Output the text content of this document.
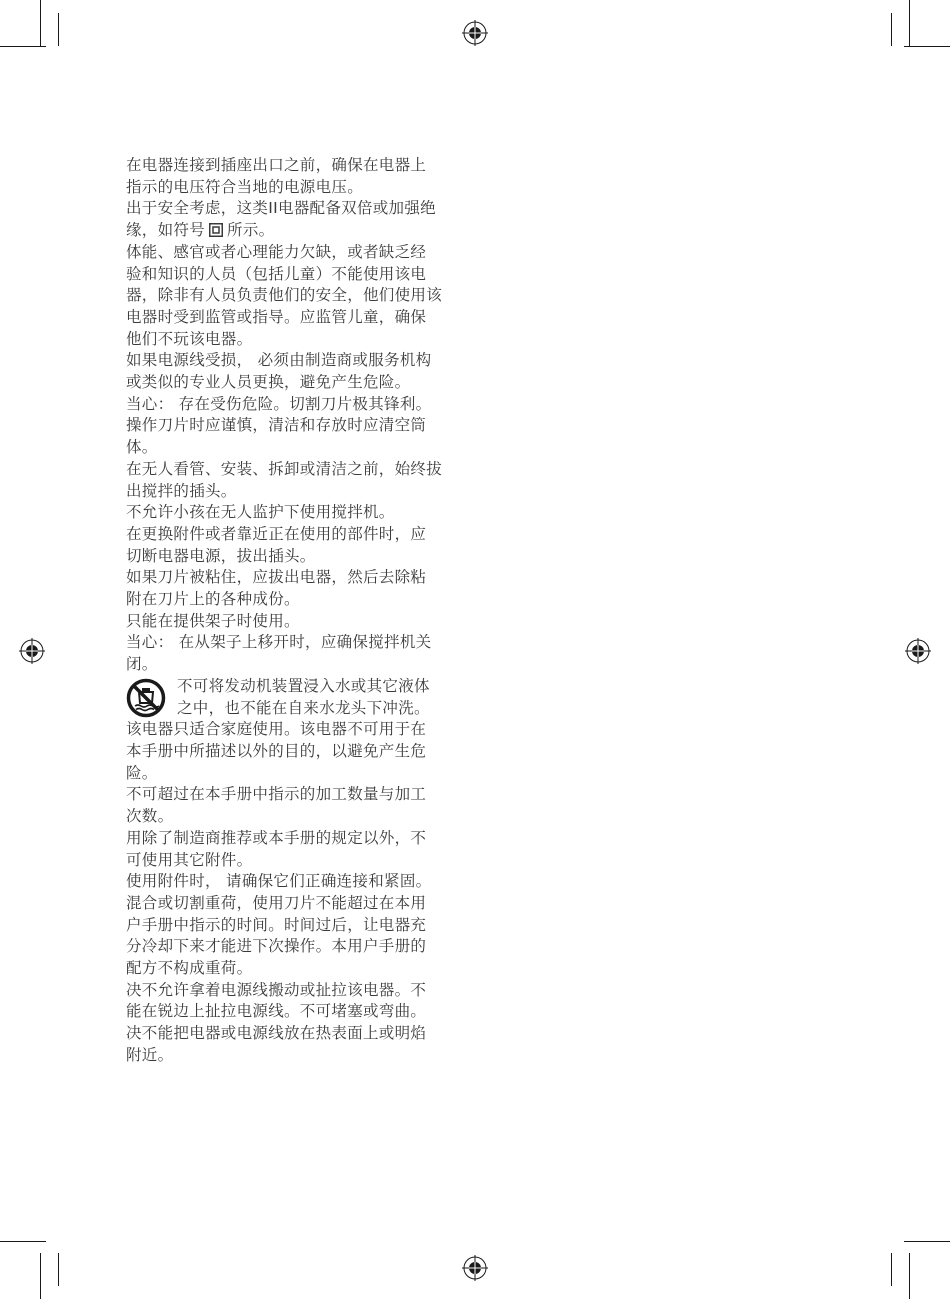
在电器连接到插座出口之前，确保在电器上
指示的电压符合当地的电源电压。
出于安全考虑，这类II电器配备双倍或加强绝
缘，如符号 所示。
体能、感官或者心理能力欠缺，或者缺乏经
验和知识的人员（包括儿童）不能使用该电
器，除非有人员负责他们的安全，他们使用该
电器时受到监管或指导。应监管儿童，确保
他们不玩该电器。
如果电源线受损， 必须由制造商或服务机构
或类似的专业人员更换，避免产生危险。
当心： 存在受伤危险。切割刀片极其锋利。
操作刀片时应谨慎，清洁和存放时应清空筒
体。
在无人看管、安装、拆卸或清洁之前，始终拔
出搅拌的插头。
不允许小孩在无人监护下使用搅拌机。
在更换附件或者靠近正在使用的部件时，应
切断电器电源，拔出插头。
如果刀片被粘住，应拔出电器，然后去除粘
附在刀片上的各种成份。
只能在提供架子时使用。
当心： 在从架子上移开时，应确保搅拌机关
闭。
不可将发动机装置浸入水或其它液体
之中，也不能在自来水龙头下冲洗。
该电器只适合家庭使用。该电器不可用于在
本手册中所描述以外的目的，以避免产生危
险。
不可超过在本手册中指示的加工数量与加工
次数。
用除了制造商推荐或本手册的规定以外，不
可使用其它附件。
使用附件时， 请确保它们正确连接和紧固。
混合或切割重荷，使用刀片不能超过在本用
户手册中指示的时间。时间过后，让电器充
分冷却下来才能进下次操作。本用户手册的
配方不构成重荷。
决不允许拿着电源线搬动或扯拉该电器。不
能在锐边上扯拉电源线。不可堵塞或弯曲。
决不能把电器或电源线放在热表面上或明焰
附近。
